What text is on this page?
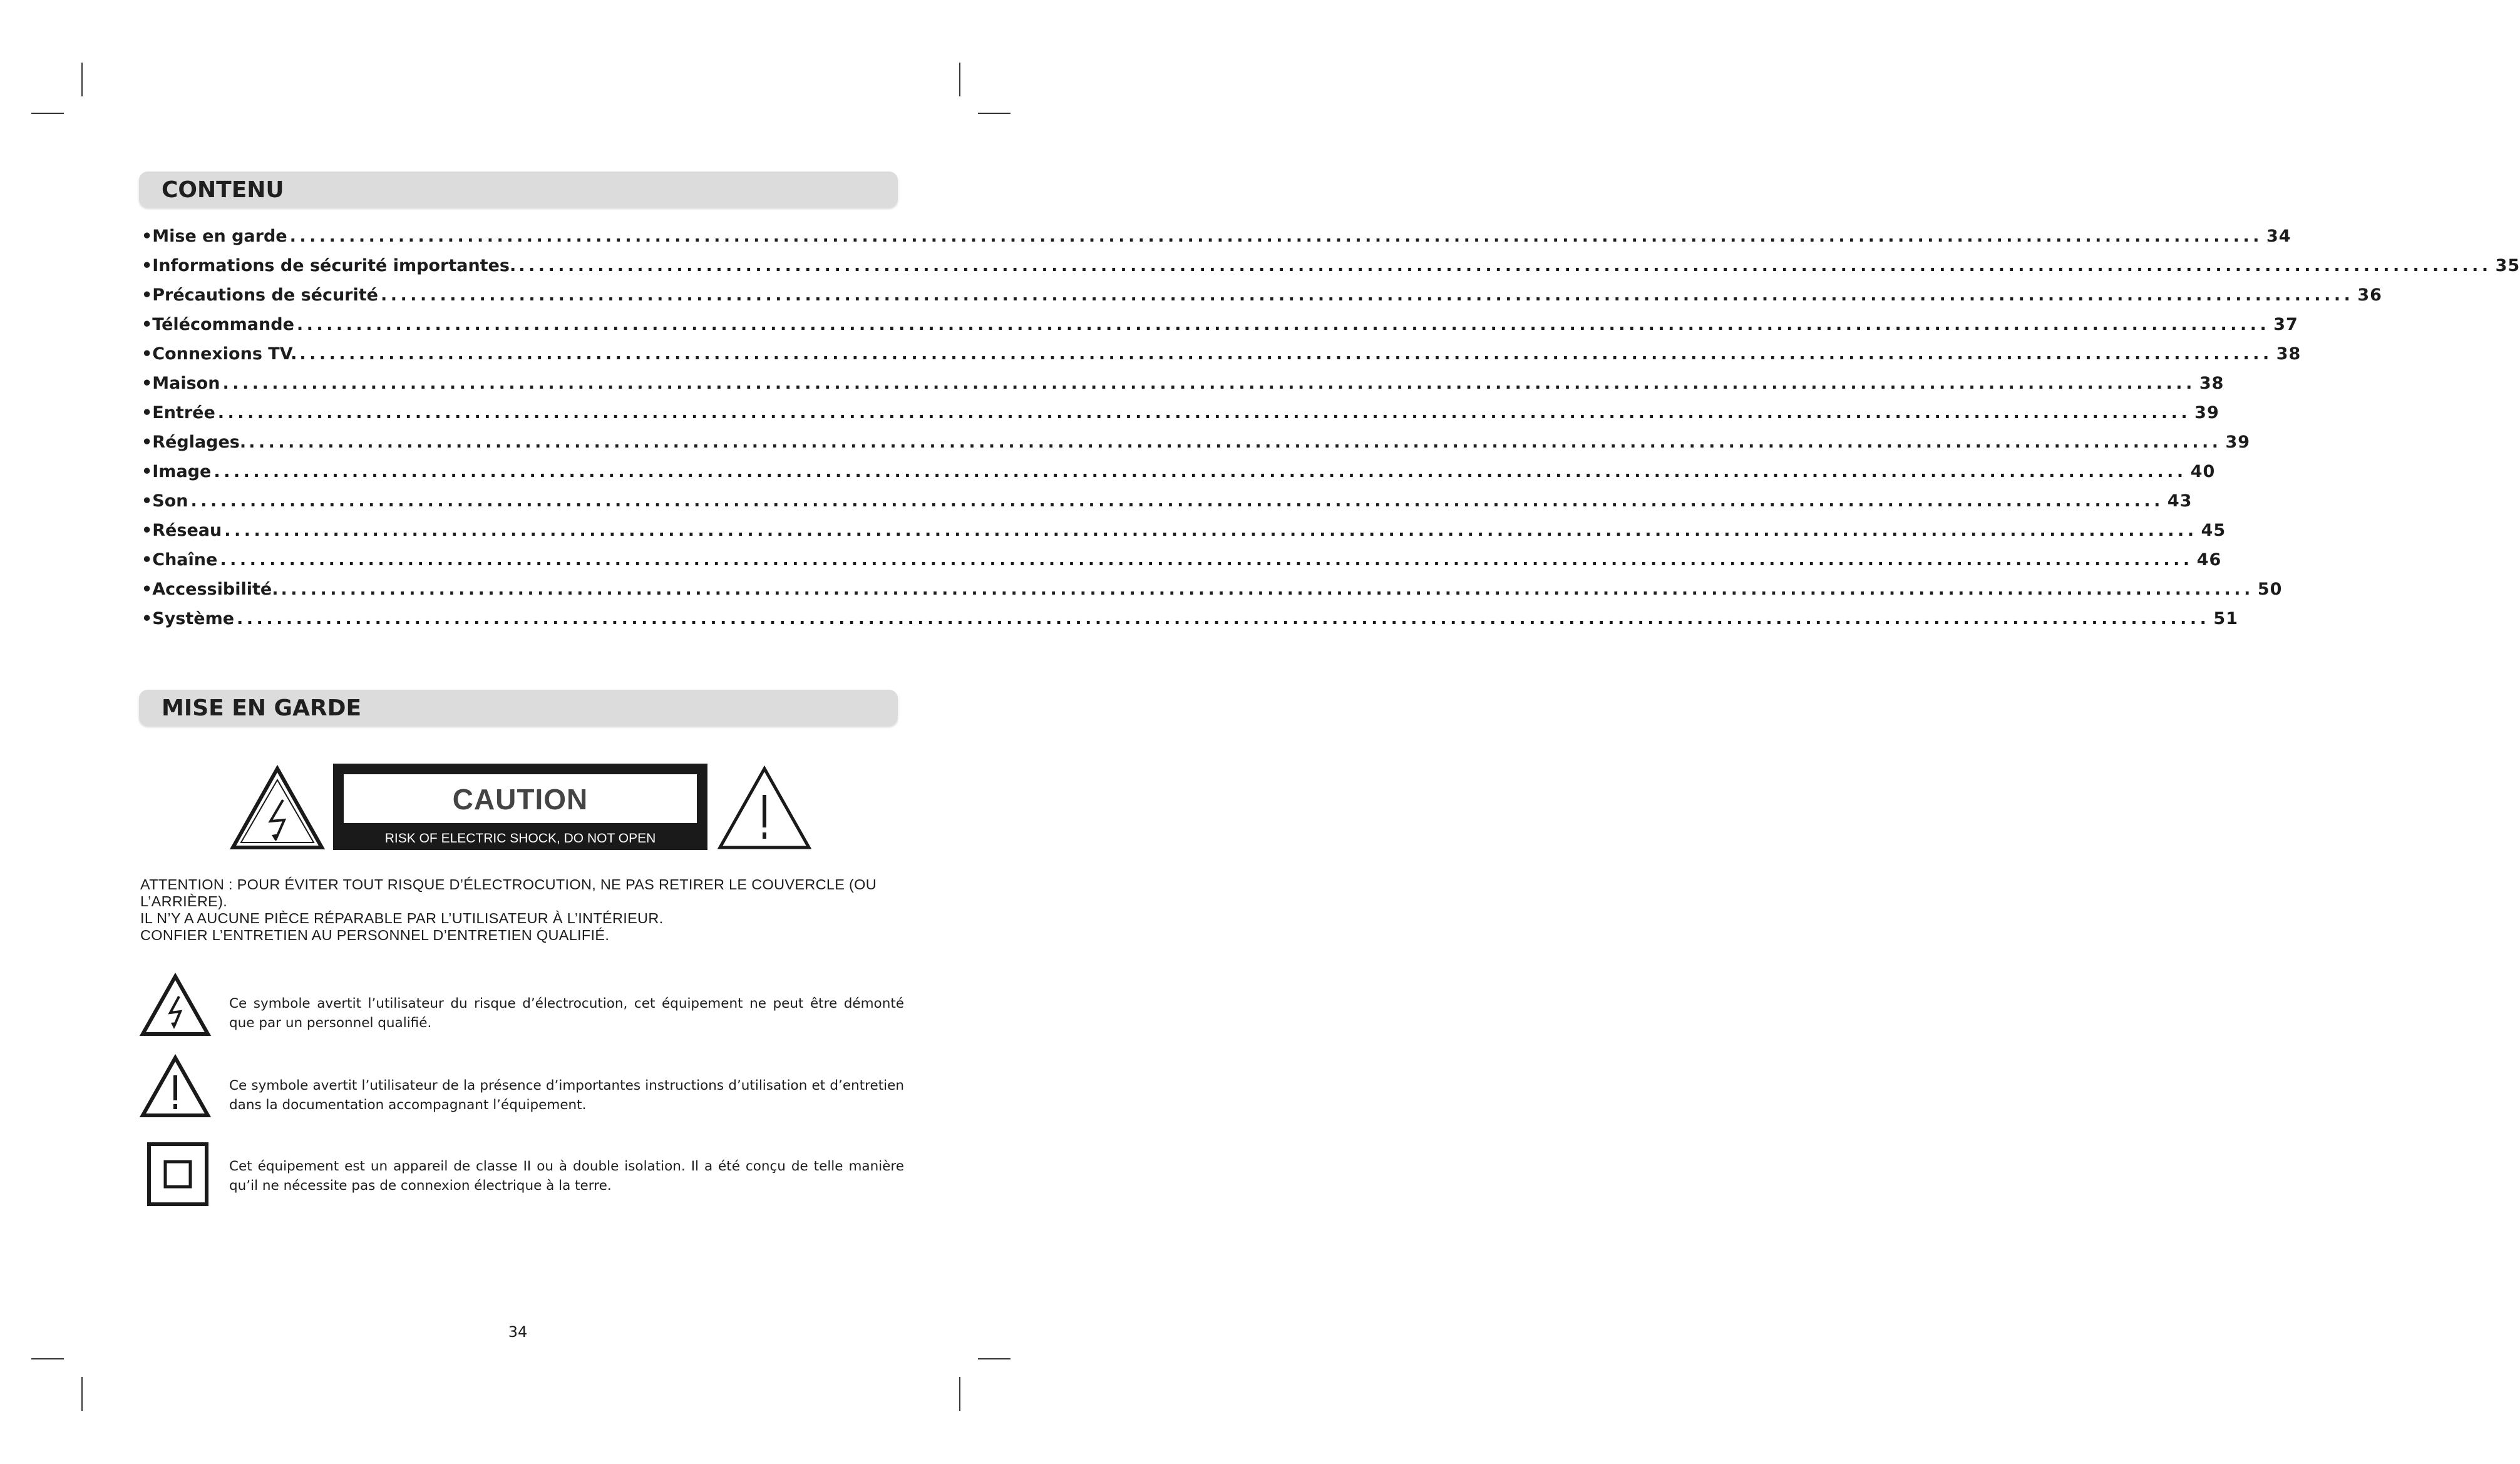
CONTENU
• Mise en garde ........................................................................................................................................................................................................ 34
• Informations de sécurité importantes. ........................................................................................................................................................................................................ 35
• Précautions de sécurité ........................................................................................................................................................................................................ 36
• Télécommande ........................................................................................................................................................................................................ 37
• Connexions TV. ........................................................................................................................................................................................................ 38
• Maison ........................................................................................................................................................................................................ 38
• Entrée ........................................................................................................................................................................................................ 39
• Réglages. ........................................................................................................................................................................................................ 39
• Image ........................................................................................................................................................................................................ 40
• Son ........................................................................................................................................................................................................ 43
• Réseau ........................................................................................................................................................................................................ 45
• Chaîne ........................................................................................................................................................................................................ 46
• Accessibilité. ........................................................................................................................................................................................................ 50
• Système ........................................................................................................................................................................................................ 51
MISE EN GARDE
CAUTION
RISK OF ELECTRIC SHOCK, DO NOT OPEN
ATTENTION : POUR ÉVITER TOUT RISQUE D’ÉLECTROCUTION, NE PAS RETIRER LE COUVERCLE (OU
L’ARRIÈRE).
IL N’Y A AUCUNE PIÈCE RÉPARABLE PAR L’UTILISATEUR À L’INTÉRIEUR.
CONFIER L’ENTRETIEN AU PERSONNEL D’ENTRETIEN QUALIFIÉ.
Ce symbole avertit l’utilisateur du risque d’électrocution, cet équipement ne peut être démonté que par un personnel qualifié.
Ce symbole avertit l’utilisateur de la présence d’importantes instructions d’utilisation et d’entretien dans la documentation accompagnant l’équipement.
Cet équipement est un appareil de classe II ou à double isolation. Il a été conçu de telle manière qu’il ne nécessite pas de connexion électrique à la terre.
34
